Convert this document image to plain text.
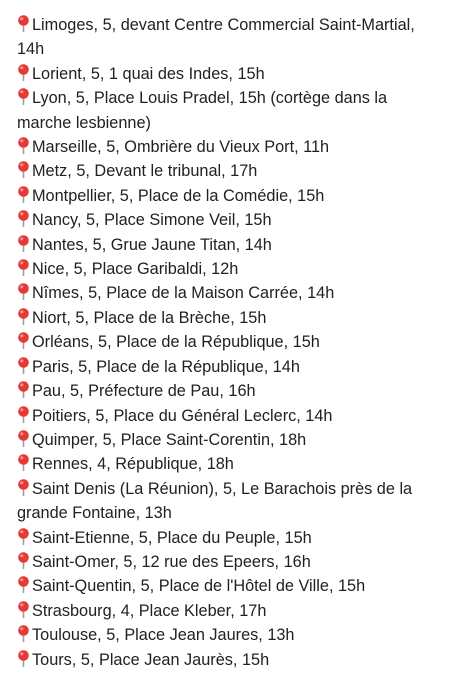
Limoges, 5, devant Centre Commercial Saint-Martial, 14h
Lorient, 5, 1 quai des Indes, 15h
Lyon, 5, Place Louis Pradel, 15h (cortège dans la marche lesbienne)
Marseille, 5, Ombrière du Vieux Port, 11h
Metz, 5, Devant le tribunal, 17h
Montpellier, 5, Place de la Comédie, 15h
Nancy, 5, Place Simone Veil, 15h
Nantes, 5, Grue Jaune Titan, 14h
Nice, 5, Place Garibaldi, 12h
Nîmes, 5, Place de la Maison Carrée, 14h
Niort, 5, Place de la Brèche, 15h
Orléans, 5, Place de la République, 15h
Paris, 5, Place de la République, 14h
Pau, 5, Préfecture de Pau, 16h
Poitiers, 5, Place du Général Leclerc, 14h
Quimper, 5, Place Saint-Corentin, 18h
Rennes, 4, République, 18h
Saint Denis (La Réunion), 5, Le Barachois près de la grande Fontaine, 13h
Saint-Etienne, 5, Place du Peuple, 15h
Saint-Omer, 5, 12 rue des Epeers, 16h
Saint-Quentin, 5, Place de l'Hôtel de Ville, 15h
Strasbourg, 4, Place Kleber, 17h
Toulouse, 5, Place Jean Jaures, 13h
Tours, 5, Place Jean Jaurès, 15h
